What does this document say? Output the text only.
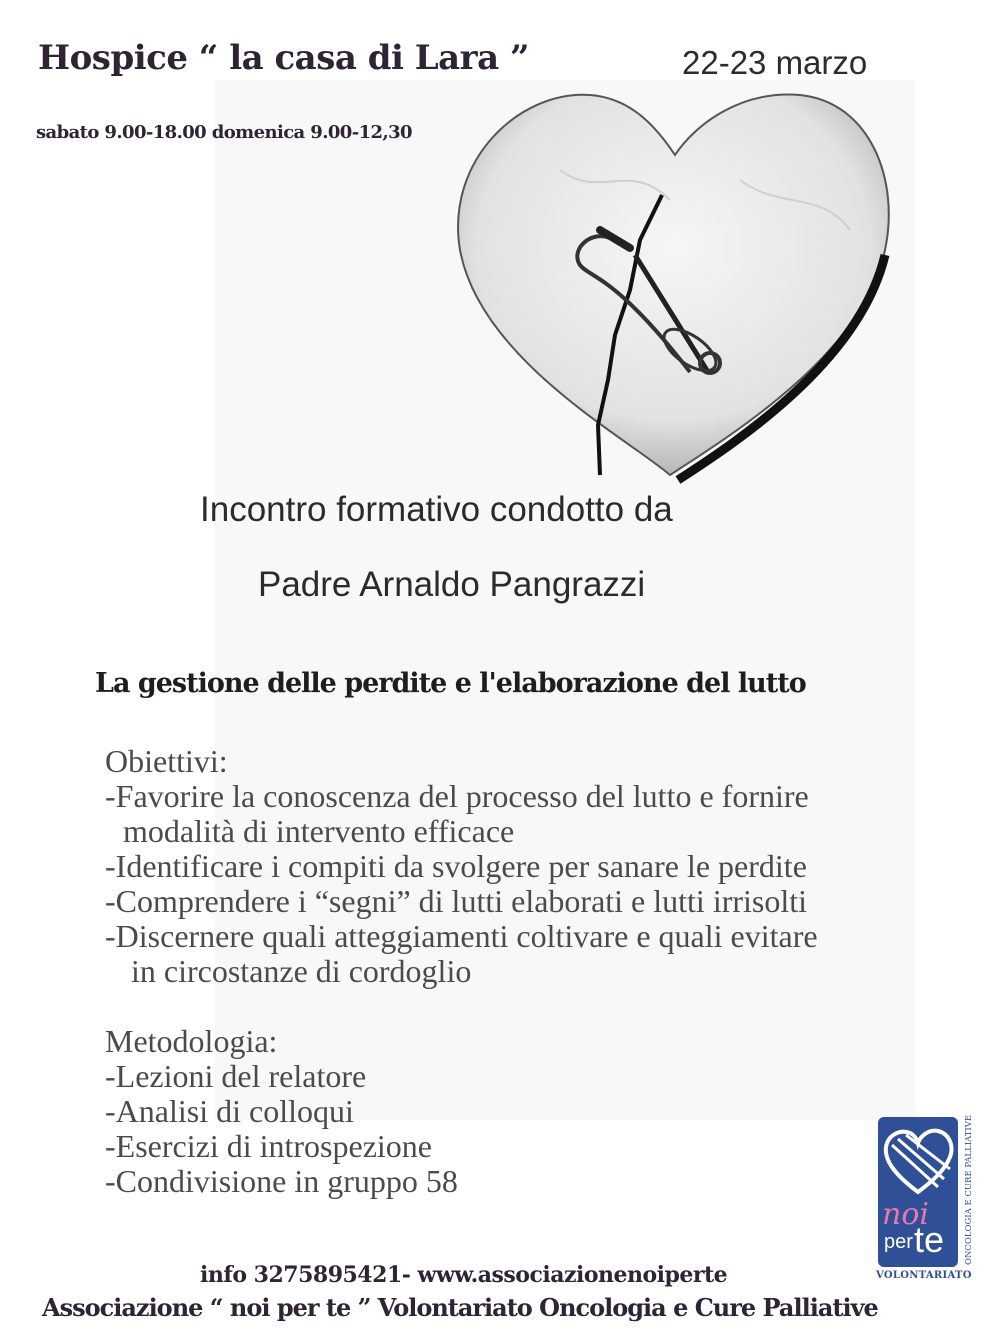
Hospice “ la casa di Lara ”	22-23 marzo
sabato 9.00-18.00 domenica 9.00-12,30
Incontro formativo condotto da
Padre Arnaldo Pangrazzi
La gestione delle perdite e l'elaborazione del lutto
Obiettivi:
-Favorire la conoscenza del processo del lutto e fornire
modalità di intervento efficace
-Identificare i compiti da svolgere per sanare le perdite
-Comprendere i “segni” di lutti elaborati e lutti irrisolti
-Discernere quali atteggiamenti coltivare e quali evitare
in circostanze di cordoglio
Metodologia:
-Lezioni del relatore
-Analisi di colloqui
-Esercizi di introspezione
-Condivisione in gruppo 58
noi
per te
VOLONTARIATO
ONCOLOGIA E CURE PALLIATIVE
info 3275895421- www.associazionenoiperte
Associazione “ noi per te ” Volontariato Oncologia e Cure Palliative
